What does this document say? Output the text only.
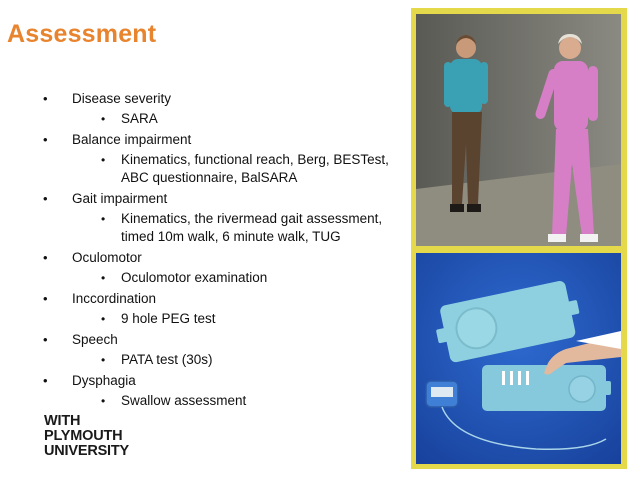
Assessment
• Disease severity
• SARA
• Balance impairment
• Kinematics, functional reach, Berg, BESTest,
ABC questionnaire, BalSARA
• Gait impairment
• Kinematics, the rivermead gait assessment,
timed 10m walk, 6 minute walk, TUG
• Oculomotor
• Oculomotor examination
• Inccordination
• 9 hole PEG test
• Speech
• PATA test (30s)
• Dysphagia
• Swallow assessment
WITH
PLYMOUTH
UNIVERSITY
